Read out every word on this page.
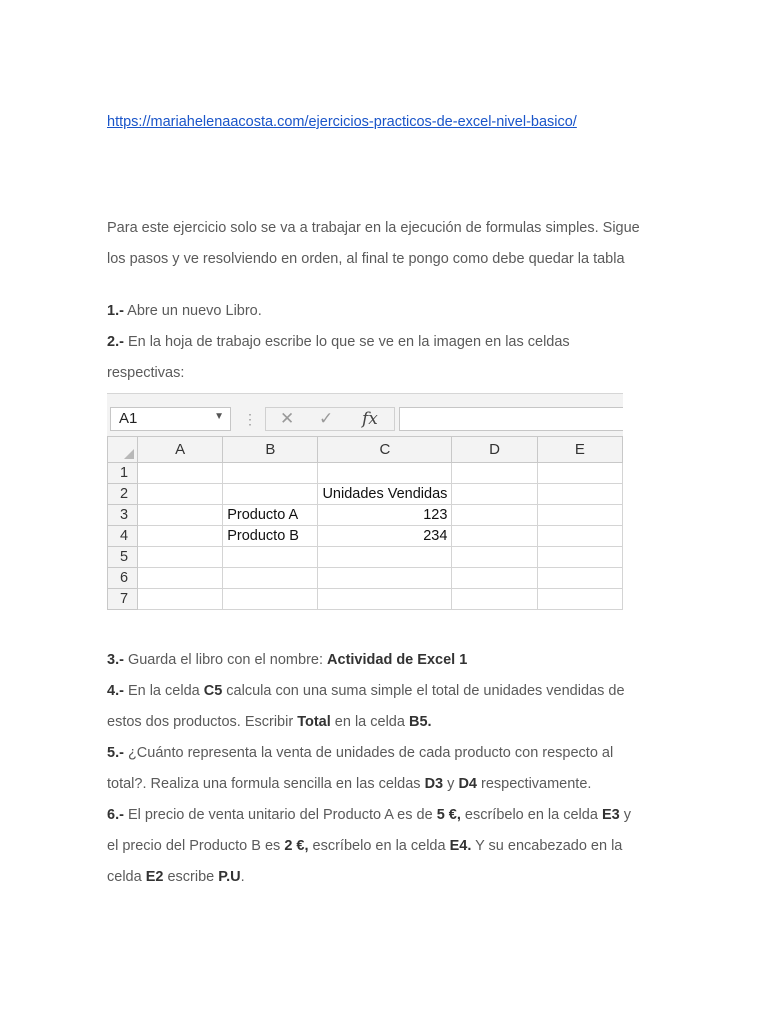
https://mariahelenaacosta.com/ejercicios-practicos-de-excel-nivel-basico/
Para este ejercicio solo se va a trabajar en la ejecución de formulas simples. Sigue
los pasos y ve resolviendo en orden, al final te pongo como debe quedar la tabla
1.- Abre un nuevo Libro.
2.- En la hoja de trabajo escribe lo que se ve en la imagen en las celdas
respectivas:
A1	▼ ⋮ ✕ ✓ fx
	A	B	C	D	E
1					
2			Unidades Vendidas		
3		Producto A	123		
4		Producto B	234		
5					
6					
7					
3.- Guarda el libro con el nombre: Actividad de Excel 1
4.- En la celda C5 calcula con una suma simple el total de unidades vendidas de
estos dos productos. Escribir Total en la celda B5.
5.- ¿Cuánto representa la venta de unidades de cada producto con respecto al
total?. Realiza una formula sencilla en las celdas D3 y D4 respectivamente.
6.- El precio de venta unitario del Producto A es de 5 €, escríbelo en la celda E3 y
el precio del Producto B es 2 €, escríbelo en la celda E4. Y su encabezado en la
celda E2 escribe P.U.
